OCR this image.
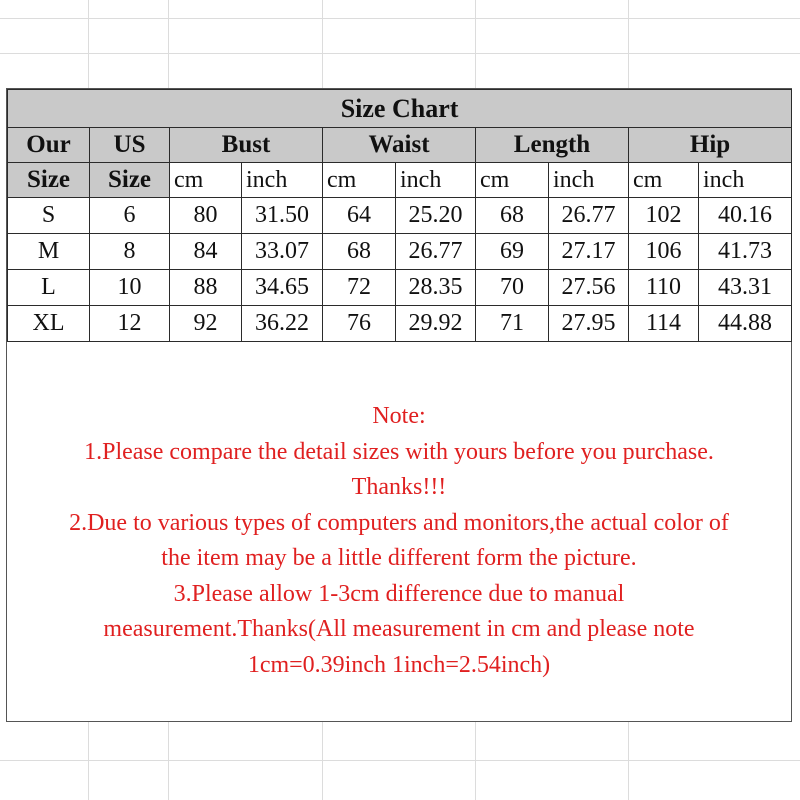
Size Chart									
Our	US	Bust		Waist		Length		Hip	
Size	Size	cm	inch	cm	inch	cm	inch	cm	inch
S	6	80	31.50	64	25.20	68	26.77	102	40.16
M	8	84	33.07	68	26.77	69	27.17	106	41.73
L	10	88	34.65	72	28.35	70	27.56	110	43.31
XL	12	92	36.22	76	29.92	71	27.95	114	44.88
Note:
1.Please compare the detail sizes with yours before you purchase.
Thanks!!!
2.Due to various types of computers and monitors,the actual color of
the item may be a little different form the picture.
3.Please allow 1-3cm difference due to manual
measurement.Thanks(All measurement in cm and please note
1cm=0.39inch 1inch=2.54inch)
